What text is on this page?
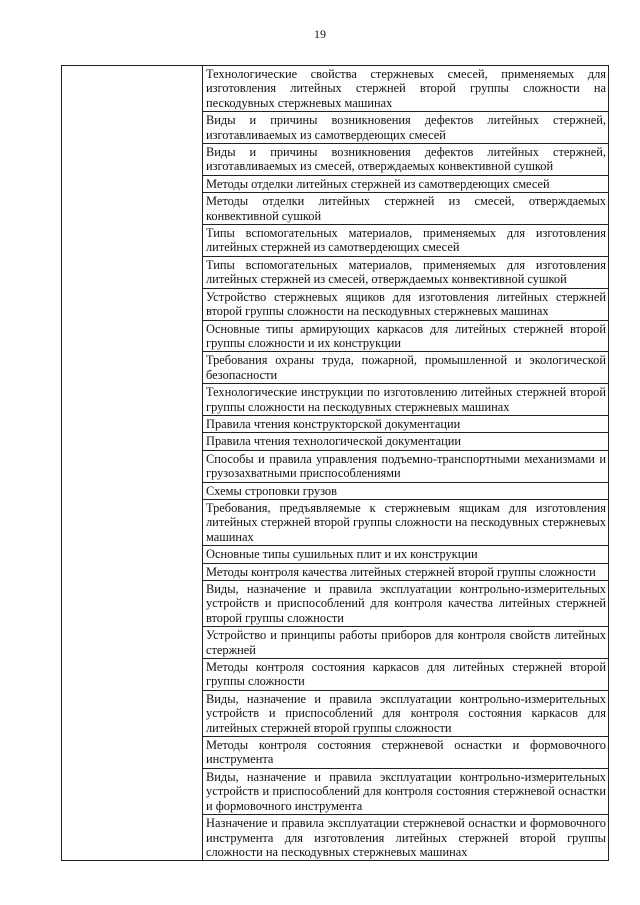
19

Технологические свойства стержневых смесей, применяемых для изготовления литейных стержней второй группы сложности на пескодувных стержневых машинах
Виды и причины возникновения дефектов литейных стержней, изготавливаемых из самотвердеющих смесей
Виды и причины возникновения дефектов литейных стержней, изготавливаемых из смесей, отверждаемых конвективной сушкой
Методы отделки литейных стержней из самотвердеющих смесей
Методы отделки литейных стержней из смесей, отверждаемых конвективной сушкой
Типы вспомогательных материалов, применяемых для изготовления литейных стержней из самотвердеющих смесей
Типы вспомогательных материалов, применяемых для изготовления литейных стержней из смесей, отверждаемых конвективной сушкой
Устройство стержневых ящиков для изготовления литейных стержней второй группы сложности на пескодувных стержневых машинах
Основные типы армирующих каркасов для литейных стержней второй группы сложности и их конструкции
Требования охраны труда, пожарной, промышленной и экологической безопасности
Технологические инструкции по изготовлению литейных стержней второй группы сложности на пескодувных стержневых машинах
Правила чтения конструкторской документации
Правила чтения технологической документации
Способы и правила управления подъемно-транспортными механизмами и грузозахватными приспособлениями
Схемы строповки грузов
Требования, предъявляемые к стержневым ящикам для изготовления литейных стержней второй группы сложности на пескодувных стержневых машинах
Основные типы сушильных плит и их конструкции
Методы контроля качества литейных стержней второй группы сложности
Виды, назначение и правила эксплуатации контрольно-измерительных устройств и приспособлений для контроля качества литейных стержней второй группы сложности
Устройство и принципы работы приборов для контроля свойств литейных стержней
Методы контроля состояния каркасов для литейных стержней второй группы сложности
Виды, назначение и правила эксплуатации контрольно-измерительных устройств и приспособлений для контроля состояния каркасов для литейных стержней второй группы сложности
Методы контроля состояния стержневой оснастки и формовочного инструмента
Виды, назначение и правила эксплуатации контрольно-измерительных устройств и приспособлений для контроля состояния стержневой оснастки и формовочного инструмента
Назначение и правила эксплуатации стержневой оснастки и формовочного инструмента для изготовления литейных стержней второй группы сложности на пескодувных стержневых машинах
